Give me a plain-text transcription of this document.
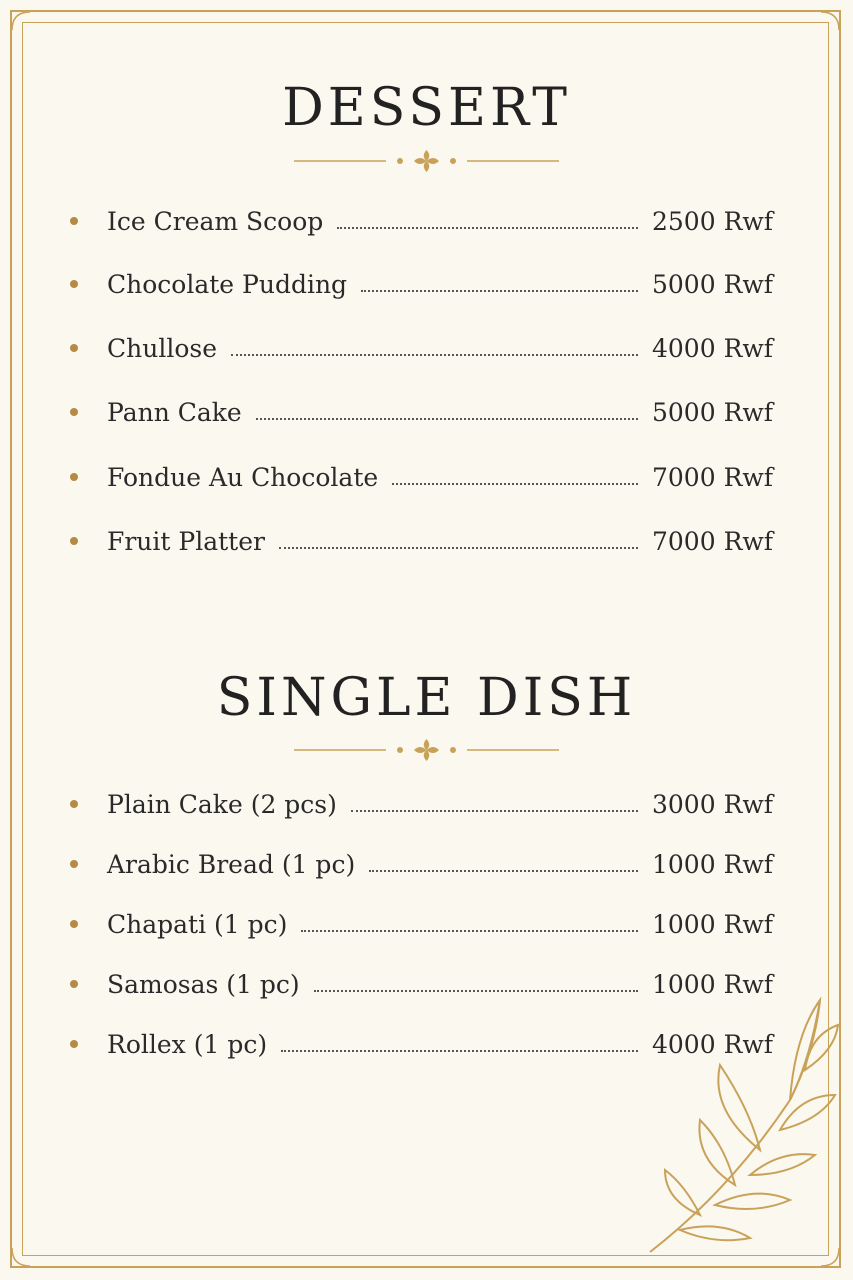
DESSERT
Ice Cream Scoop	2500 Rwf
Chocolate Pudding	5000 Rwf
Chullose	4000 Rwf
Pann Cake	5000 Rwf
Fondue Au Chocolate	7000 Rwf
Fruit Platter	7000 Rwf
SINGLE DISH
Plain Cake (2 pcs)	3000 Rwf
Arabic Bread (1 pc)	1000 Rwf
Chapati (1 pc)	1000 Rwf
Samosas (1 pc)	1000 Rwf
Rollex (1 pc)	4000 Rwf
